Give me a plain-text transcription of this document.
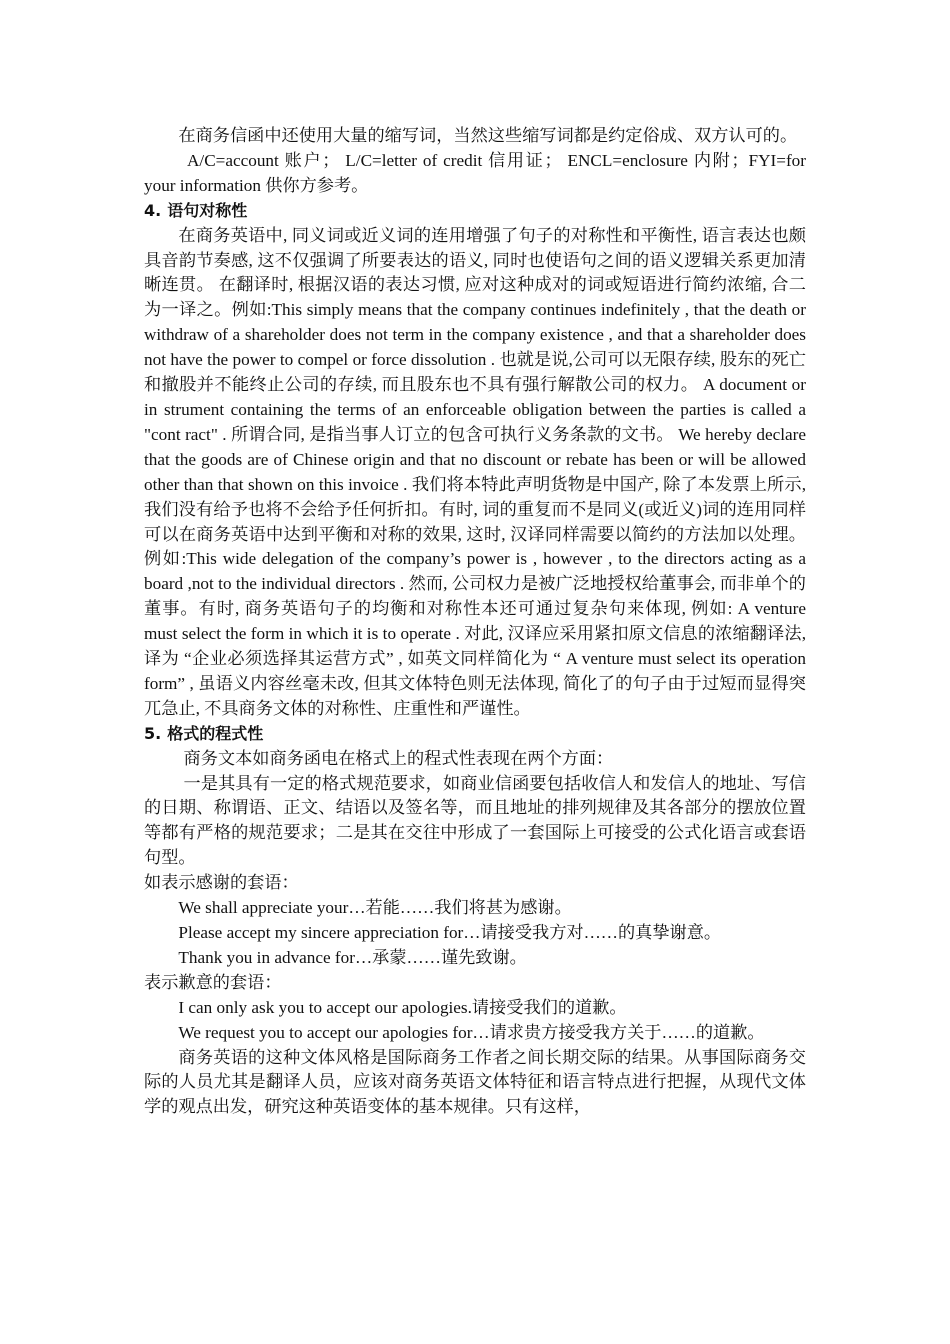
在商务信函中还使用大量的缩写词，当然这些缩写词都是约定俗成、双方认可的。

A/C=account 账户； L/C=letter of credit 信用证； ENCL=enclosure 内附；FYI=for your information 供你方参考。

4. 语句对称性

在商务英语中, 同义词或近义词的连用增强了句子的对称性和平衡性, 语言表达也颇具音韵节奏感, 这不仅强调了所要表达的语义, 同时也使语句之间的语义逻辑关系更加清晰连贯。 在翻译时, 根据汉语的表达习惯, 应对这种成对的词或短语进行简约浓缩, 合二为一译之。例如:This simply means that the company continues indefinitely , that the death or withdraw of a shareholder does not term in the company existence , and that a shareholder does not have the power to compel or force dissolution . 也就是说,公司可以无限存续, 股东的死亡和撤股并不能终止公司的存续, 而且股东也不具有强行解散公司的权力。 A document or in strument containing the terms of an enforceable obligation between the parties is called a "cont ract" . 所谓合同, 是指当事人订立的包含可执行义务条款的文书。 We hereby declare that the goods are of Chinese origin and that no discount or rebate has been or will be allowed other than that shown on this invoice . 我们将本特此声明货物是中国产, 除了本发票上所示, 我们没有给予也将不会给予任何折扣。有时, 词的重复而不是同义(或近义)词的连用同样可以在商务英语中达到平衡和对称的效果, 这时, 汉译同样需要以简约的方法加以处理。例如:This wide delegation of the company’s power is , however , to the directors acting as a board ,not to the individual directors . 然而, 公司权力是被广泛地授权给董事会, 而非单个的董事。有时, 商务英语句子的均衡和对称性本还可通过复杂句来体现, 例如: A venture must select the form in which it is to operate . 对此, 汉译应采用紧扣原文信息的浓缩翻译法, 译为 “企业必须选择其运营方式” , 如英文同样简化为 “ A venture must select its operation form” , 虽语义内容丝毫未改, 但其文体特色则无法体现, 简化了的句子由于过短而显得突兀急止, 不具商务文体的对称性、庄重性和严谨性。

5. 格式的程式性

商务文本如商务函电在格式上的程式性表现在两个方面：

一是其具有一定的格式规范要求，如商业信函要包括收信人和发信人的地址、写信的日期、称谓语、正文、结语以及签名等，而且地址的排列规律及其各部分的摆放位置等都有严格的规范要求；二是其在交往中形成了一套国际上可接受的公式化语言或套语句型。

如表示感谢的套语：

We shall appreciate your…若能……我们将甚为感谢。

Please accept my sincere appreciation for…请接受我方对……的真挚谢意。

Thank you in advance for…承蒙……谨先致谢。

表示歉意的套语：

I can only ask you to accept our apologies.请接受我们的道歉。

We request you to accept our apologies for…请求贵方接受我方关于……的道歉。

商务英语的这种文体风格是国际商务工作者之间长期交际的结果。从事国际商务交际的人员尤其是翻译人员，应该对商务英语文体特征和语言特点进行把握，从现代文体学的观点出发，研究这种英语变体的基本规律。只有这样，
